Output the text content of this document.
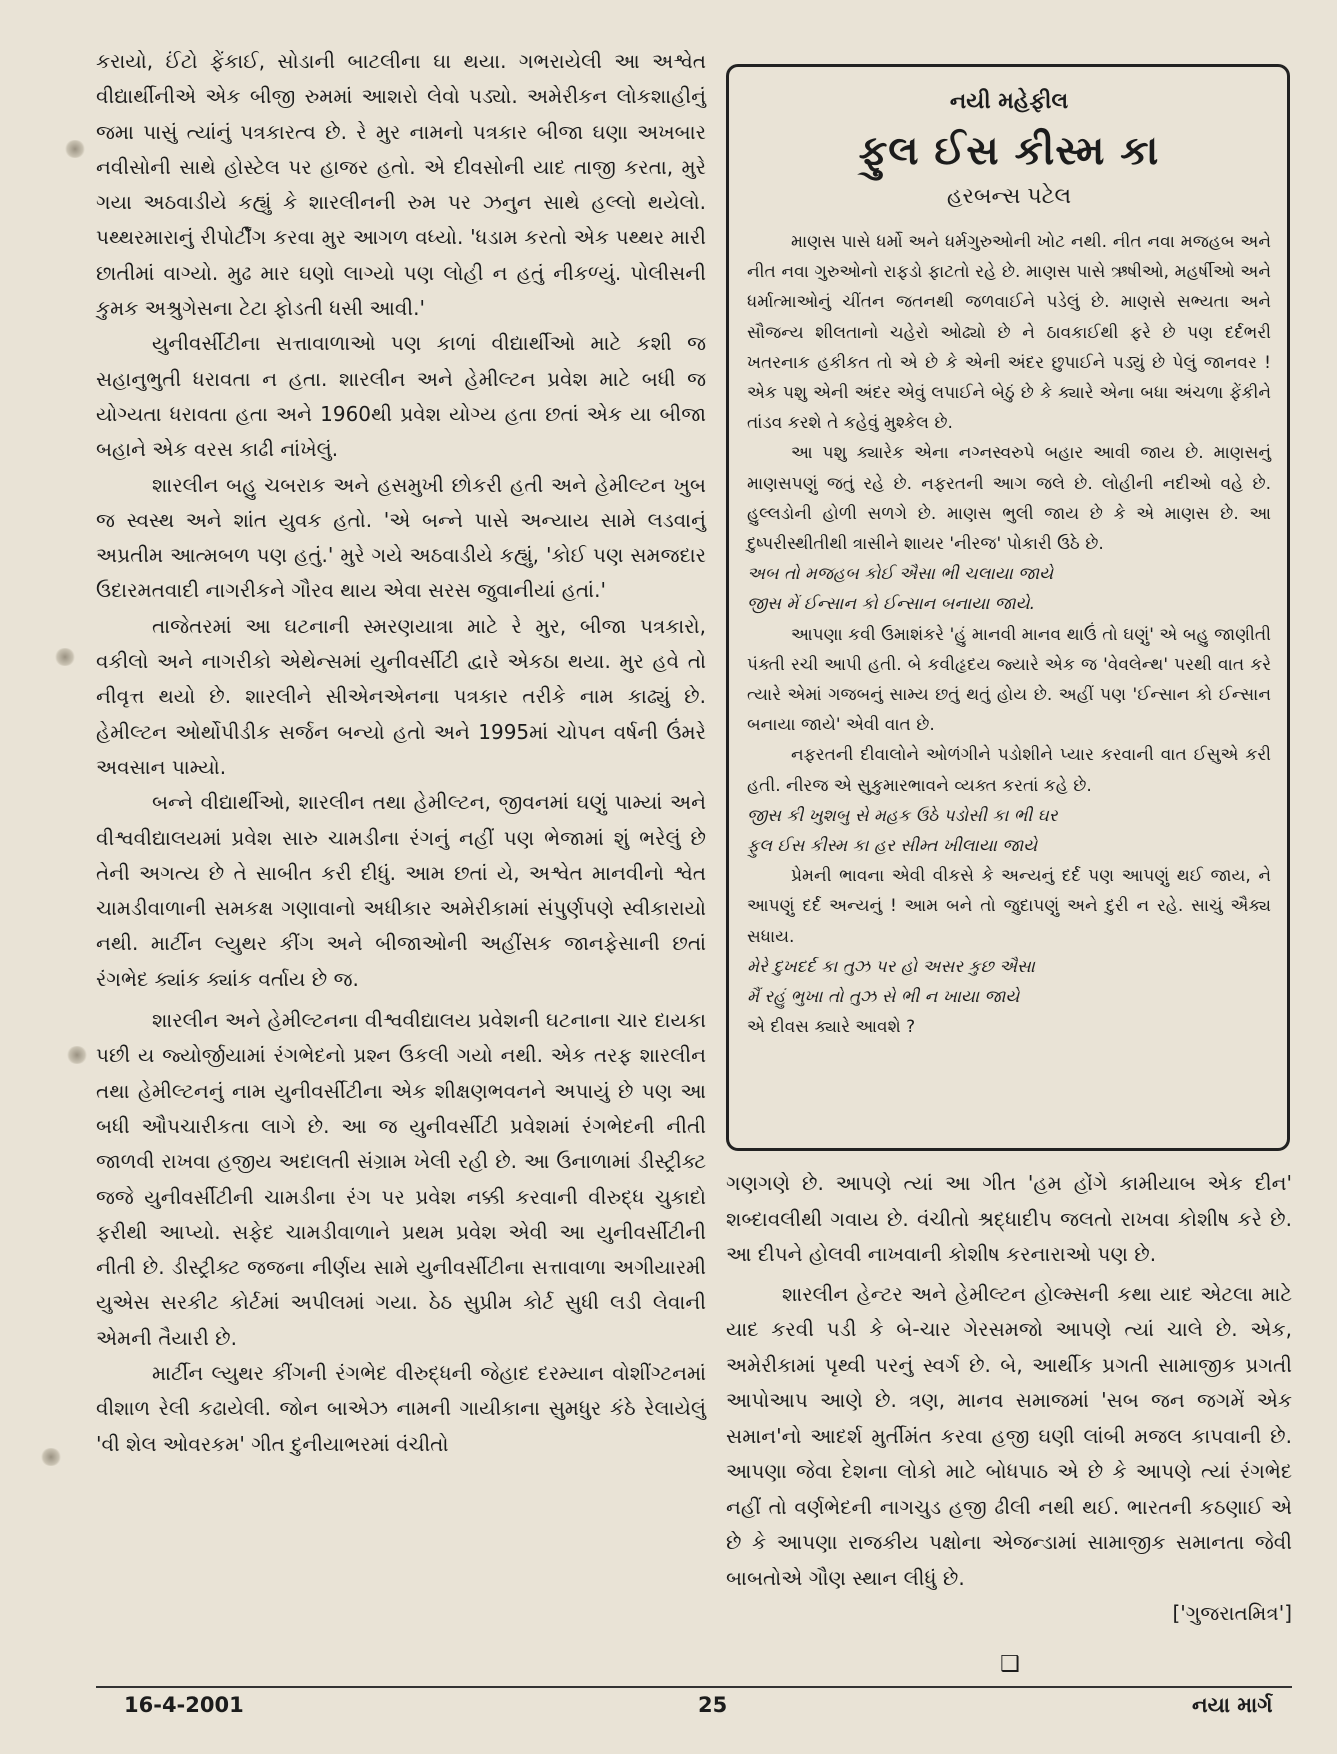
કરાયો, ઈંટો ફેંકાઈ, સોડાની બાટલીના ઘા થયા. ગભરાયેલી આ અશ્વેત વીદ્યાર્થીનીએ એક બીજી રુમમાં આશરો લેવો પડ્યો. અમેરીકન લોકશાહીનું જમા પાસું ત્યાંનું પત્રકારત્વ છે. રે મુર નામનો પત્રકાર બીજા ઘણા અખબાર નવીસોની સાથે હોસ્ટેલ પર હાજર હતો. એ દીવસોની યાદ તાજી કરતા, મુરે ગયા અઠવાડીયે કહ્યું કે શારલીનની રુમ પર ઝનુન સાથે હલ્લો થયેલો. પથ્થરમારાનું રીપોર્ટીંગ કરવા મુર આગળ વધ્યો. 'ધડામ કરતો એક પથ્થર મારી છાતીમાં વાગ્યો. મુઢ માર ઘણો લાગ્યો પણ લોહી ન હતું નીકળ્યું. પોલીસની કુમક અશ્રુગેસના ટેટા ફોડતી ધસી આવી.'

યુનીવર્સીટીના સત્તાવાળાઓ પણ કાળાં વીદ્યાર્થીઓ માટે કશી જ સહાનુભુતી ધરાવતા ન હતા. શારલીન અને હેમીલ્ટન પ્રવેશ માટે બધી જ યોગ્યતા ધરાવતા હતા અને 1960થી પ્રવેશ યોગ્ય હતા છતાં એક યા બીજા બહાને એક વરસ કાઢી નાંખેલું.

શારલીન બહુ ચબરાક અને હસમુખી છોકરી હતી અને હેમીલ્ટન ખુબ જ સ્વસ્થ અને શાંત યુવક હતો. 'એ બન્ને પાસે અન્યાય સામે લડવાનું અપ્રતીમ આત્મબળ પણ હતું.' મુરે ગયે અઠવાડીયે કહ્યું, 'કોઈ પણ સમજદાર ઉદારમતવાદી નાગરીકને ગૌરવ થાય એવા સરસ જુવાનીયાં હતાં.'

તાજેતરમાં આ ઘટનાની સ્મરણયાત્રા માટે રે મુર, બીજા પત્રકારો, વકીલો અને નાગરીકો એથેન્સમાં યુનીવર્સીટી દ્વારે એકઠા થયા. મુર હવે તો નીવૃત્ત થયો છે. શારલીને સીએનએનના પત્રકાર તરીકે નામ કાઢ્યું છે. હેમીલ્ટન ઓર્થોપીડીક સર્જન બન્યો હતો અને 1995માં ચોપન વર્ષની ઉંમરે અવસાન પામ્યો.

બન્ને વીદ્યાર્થીઓ, શારલીન તથા હેમીલ્ટન, જીવનમાં ઘણું પામ્યાં અને વીશ્વવીદ્યાલયમાં પ્રવેશ સારુ ચામડીના રંગનું નહીં પણ ભેજામાં શું ભરેલું છે તેની અગત્ય છે તે સાબીત કરી દીધું. આમ છતાં યે, અશ્વેત માનવીનો શ્વેત ચામડીવાળાની સમકક્ષ ગણાવાનો અધીકાર અમેરીકામાં સંપુર્ણપણે સ્વીકારાયો નથી. માર્ટીન લ્યુથર કીંગ અને બીજાઓની અહીંસક જાનફેસાની છતાં રંગભેદ ક્યાંક ક્યાંક વર્તાય છે જ.

શારલીન અને હેમીલ્ટનના વીશ્વવીદ્યાલય પ્રવેશની ઘટનાના ચાર દાયકા પછી ય જ્યોર્જીયામાં રંગભેદનો પ્રશ્ન ઉકલી ગયો નથી. એક તરફ શારલીન તથા હેમીલ્ટનનું નામ યુનીવર્સીટીના એક શીક્ષણભવનને અપાયું છે પણ આ બધી ઔપચારીકતા લાગે છે. આ જ યુનીવર્સીટી પ્રવેશમાં રંગભેદની નીતી જાળવી રાખવા હજીય અદાલતી સંગ્રામ ખેલી રહી છે. આ ઉનાળામાં ડીસ્ટ્રીક્ટ જજે યુનીવર્સીટીની ચામડીના રંગ પર પ્રવેશ નક્કી કરવાની વીરુદ્ધ ચુકાદો ફરીથી આપ્યો. સફેદ ચામડીવાળાને પ્રથમ પ્રવેશ એવી આ યુનીવર્સીટીની નીતી છે. ડીસ્ટ્રીક્ટ જજના નીર્ણય સામે યુનીવર્સીટીના સત્તાવાળા અગીયારમી યુએસ સરકીટ કોર્ટમાં અપીલમાં ગયા. ઠેઠ સુપ્રીમ કોર્ટ સુધી લડી લેવાની એમની તૈયારી છે.

માર્ટીન લ્યુથર કીંગની રંગભેદ વીરુદ્ધની જેહાદ દરમ્યાન વોશીંગ્ટનમાં વીશાળ રેલી કઢાયેલી. જોન બાએઝ નામની ગાયીકાના સુમધુર કંઠે રેલાયેલું 'વી શેલ ઓવરકમ' ગીત દુનીયાભરમાં વંચીતો

નયી મહેફીલ
ફુલ ઈસ કીસ્મ કા
હરબન્સ પટેલ

માણસ પાસે ધર્મો અને ધર્મગુરુઓની ખોટ નથી. નીત નવા મજહબ અને નીત નવા ગુરુઓનો રાફડો ફાટતો રહે છે. માણસ પાસે ઋષીઓ, મહર્ષીઓ અને ધર્માત્માઓનું ચીંતન જતનથી જળવાઈને પડેલું છે. માણસે સભ્યતા અને સૌજન્ય શીલતાનો ચહેરો ઓઢ્યો છે ને ઠાવકાઈથી ફરે છે પણ દર્દભરી ખતરનાક હકીકત તો એ છે કે એની અંદર છુપાઈને પડ્યું છે પેલું જાનવર ! એક પશુ એની અંદર એવું લપાઈને બેઠું છે કે ક્યારે એના બધા અંચળા ફેંકીને તાંડવ કરશે તે કહેવું મુશ્કેલ છે.

આ પશુ ક્યારેક એના નગ્નસ્વરુપે બહાર આવી જાય છે. માણસનું માણસપણું જતું રહે છે. નફરતની આગ જલે છે. લોહીની નદીઓ વહે છે. હુલ્લડોની હોળી સળગે છે. માણસ ભુલી જાય છે કે એ માણસ છે. આ દુષ્પરીસ્થીતીથી ત્રાસીને શાયર 'નીરજ' પોકારી ઉઠે છે.

અબ તો મજહબ કોઈ ઐસા ભી ચલાયા જાયે

જીસ મેં ઈન્સાન કો ઈન્સાન બનાયા જાયે.

આપણા કવી ઉમાશંકરે 'હું માનવી માનવ થાઉં તો ઘણું' એ બહુ જાણીતી પંક્તી રચી આપી હતી. બે કવીહૃદય જ્યારે એક જ 'વેવલેન્થ' પરથી વાત કરે ત્યારે એમાં ગજબનું સામ્ય છતું થતું હોય છે. અહીં પણ 'ઈન્સાન કો ઈન્સાન બનાયા જાયે' એવી વાત છે.

નફરતની દીવાલોને ઓળંગીને પડોશીને પ્યાર કરવાની વાત ઈસુએ કરી હતી. નીરજ એ સુકુમારભાવને વ્યક્ત કરતાં કહે છે.

જીસ કી ખુશબુ સે મહક ઉઠે પડોસી કા ભી ઘર

ફુલ ઈસ કીસ્મ કા હર સીમ્ત ખીલાયા જાયે

પ્રેમની ભાવના એવી વીકસે કે અન્યનું દર્દ પણ આપણું થઈ જાય, ને આપણું દર્દ અન્યનું ! આમ બને તો જુદાપણું અને દુરી ન રહે. સાચું ઐક્ય સધાય.

મેરે દુખદર્દ કા તુઝ પર હો અસર કુછ ઐસા

મૈં રહું ભુખા તો તુઝ સે ભી ન ખાયા જાયે

એ દીવસ ક્યારે આવશે ?

ગણગણે છે. આપણે ત્યાં આ ગીત 'હમ હોંગે કામીયાબ એક દીન' શબ્દાવલીથી ગવાય છે. વંચીતો શ્રદ્ધાદીપ જલતો રાખવા કોશીષ કરે છે. આ દીપને હોલવી નાખવાની કોશીષ કરનારાઓ પણ છે.

શારલીન હેન્ટર અને હેમીલ્ટન હોલ્મ્સની કથા યાદ એટલા માટે યાદ કરવી પડી કે બે-ચાર ગેરસમજો આપણે ત્યાં ચાલે છે. એક, અમેરીકામાં પૃથ્વી પરનું સ્વર્ગ છે. બે, આર્થીક પ્રગતી સામાજીક પ્રગતી આપોઆપ આણે છે. ત્રણ, માનવ સમાજમાં 'સબ જન જગમેં એક સમાન'નો આદર્શ મુર્તીમંત કરવા હજી ઘણી લાંબી મજલ કાપવાની છે. આપણા જેવા દેશના લોકો માટે બોધપાઠ એ છે કે આપણે ત્યાં રંગભેદ નહીં તો વર્ણભેદની નાગચુડ હજી ઢીલી નથી થઈ. ભારતની કઠણાઈ એ છે કે આપણા રાજકીય પક્ષોના એજન્ડામાં સામાજીક સમાનતા જેવી બાબતોએ ગૌણ સ્થાન લીધું છે.

['ગુજરાતમિત્ર']

❑
16-4-2001	25	નયા માર્ગ
